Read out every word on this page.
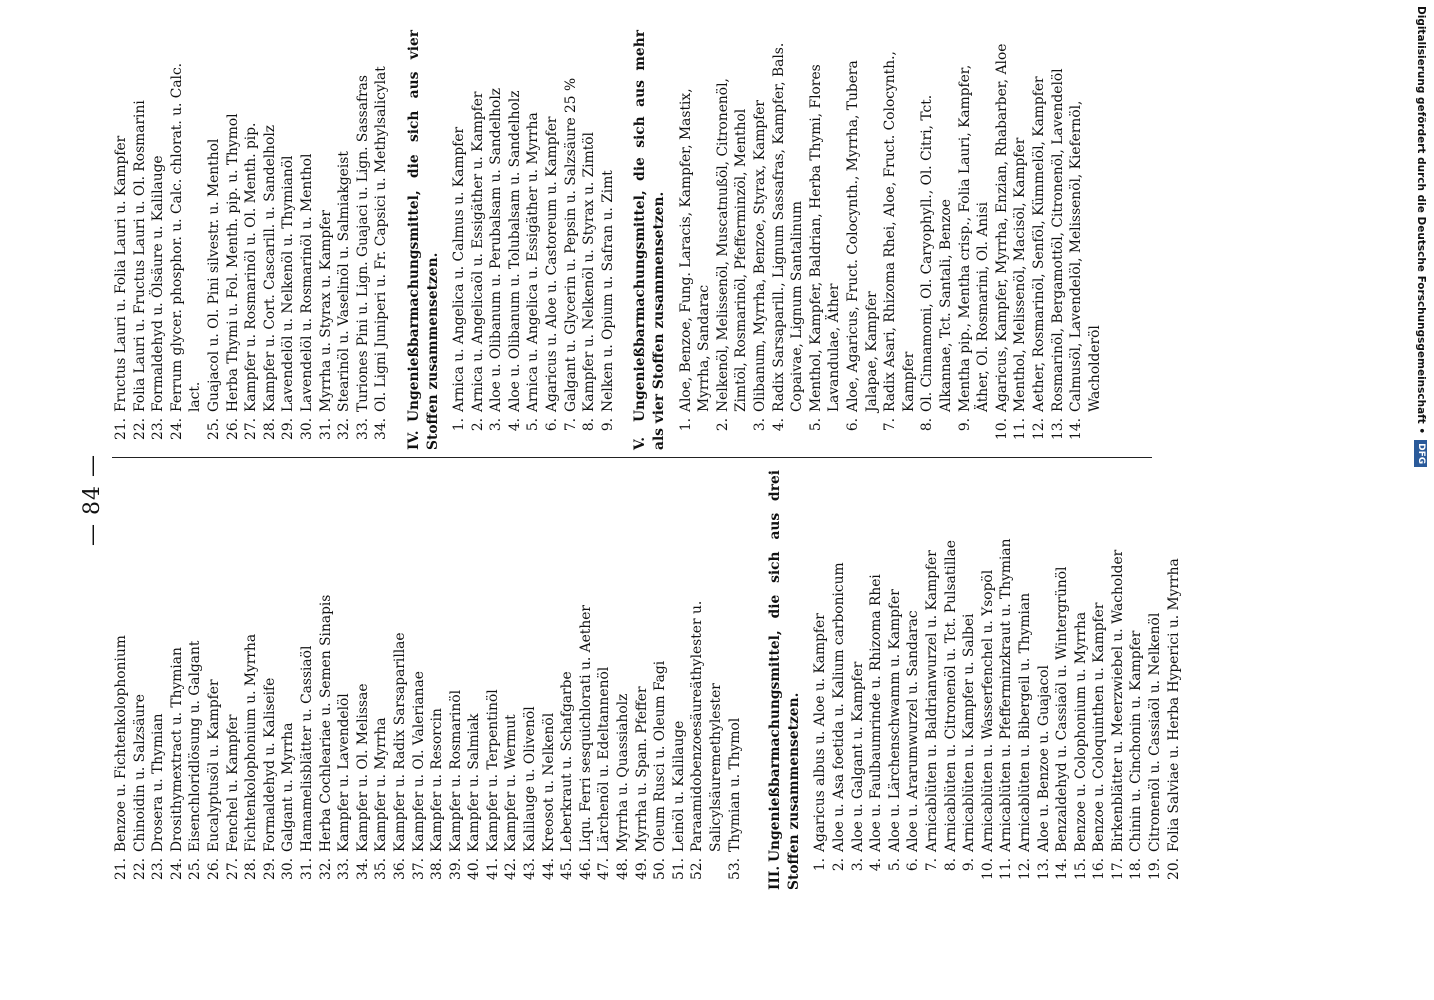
— 84 —
21.
Benzoe u. Fichtenkolophonium
22.
Chinoidin u. Salzsäure
23.
Drosera u. Thymian
24.
Drosithymextract u. Thymian
25.
Eisenchloridlösung u. Galgant
26.
Eucalyptusöl u. Kampfer
27.
Fenchel u. Kampfer
28.
Fichtenkolophonium u. Myrrha
29.
Formaldehyd u. Kaliseife
30.
Galgant u. Myrrha
31.
Hamamelisblätter u. Cassiaöl
32.
Herba Cochleariae u. Semen Sinapis
33.
Kampfer u. Lavendelöl
34.
Kampfer u. Ol. Melissae
35.
Kampfer u. Myrrha
36.
Kampfer u. Radix Sarsaparillae
37.
Kampfer u. Ol. Valerianae
38.
Kampfer u. Resorcin
39.
Kampfer u. Rosmarinöl
40.
Kampfer u. Salmiak
41.
Kampfer u. Terpentinöl
42.
Kampfer u. Wermut
43.
Kalilauge u. Olivenöl
44.
Kreosot u. Nelkenöl
45.
Leberkraut u. Schafgarbe
46.
Liqu. Ferri sesquichlorati u. Aether
47.
Lärchenöl u. Edeltannenöl
48.
Myrrha u. Quassiaholz
49.
Myrrha u. Span. Pfeffer
50.
Oleum Rusci u. Oleum Fagi
51.
Leinöl u. Kalilauge
52.
Paraamidobenzoesäureäthylester u. Salicylsäuremethylester
53.
Thymian u. Thymol
III.Ungenießbarmachungsmittel, die sich aus drei Stoffen zusammensetzen. 1.
Agaricus albus u. Aloe u. Kampfer
2.
Aloe u. Asa foetida u. Kalium carbonicum
3.
Aloe u. Galgant u. Kampfer
4.
Aloe u. Faulbaumrinde u. Rhizoma Rhei
5.
Aloe u. Lärchenschwamm u. Kampfer
6.
Aloe u. Ararumwurzel u. Sandarac
7.
Arnicablüten u. Baldrianwurzel u. Kampfer
8.
Arnicablüten u. Citronenöl u. Tct. Pulsatillae
9.
Arnicablüten u. Kampfer u. Salbei
10.
Arnicablüten u. Wasserfenchel u. Ysopöl
11.
Arnicablüten u. Pfefferminzkraut u. Thymian
12.
Arnicablüten u. Bibergeil u. Thymian
13.
Aloe u. Benzoe u. Guajacol
14.
Benzaldehyd u. Cassiaöl u. Wintergrünöl
15.
Benzoe u. Colophonium u. Myrrha
16.
Benzoe u. Coloquinthen u. Kampfer
17.
Birkenblätter u. Meerzwiebel u. Wacholder
18.
Chinin u. Cinchonin u. Kampfer
19.
Citronenöl u. Cassiaöl u. Nelkenöl
20.
Folia Salviae u. Herba Hyperici u. Myrrha
21.
Fructus Lauri u. Folia Lauri u. Kampfer
22.
Folia Lauri u. Fructus Lauri u. Ol. Rosmarini
23.
Formaldehyd u. Ölsäure u. Kalilauge
24.
Ferrum glycer. phosphor. u. Calc. chlorat. u. Calc. lact.
25.
Guajacol u. Ol. Pini silvestr. u. Menthol
26.
Herba Thymi u. Fol. Menth. pip. u. Thymol
27.
Kampfer u. Rosmarinöl u. Ol. Menth. pip.
28.
Kampfer u. Cort. Cascarill. u. Sandelholz
29.
Lavendelöl u. Nelkenöl u. Thymianöl
30.
Lavendelöl u. Rosmarinöl u. Menthol
31.
Myrrha u. Styrax u. Kampfer
32.
Stearinöl u. Vaselinöl u. Salmiakgeist
33.
Turiones Pini u. Lign. Guajaci u. Lign. Sassafras
34.
Ol. Ligni Juniperi u. Fr. Capsici u. Methylsalicylat
IV.Ungenießbarmachungsmittel, die sich aus vier Stoffen zusammensetzen. 1.
Arnica u. Angelica u. Calmus u. Kampfer
2.
Arnica u. Angelicaöl u. Essigäther u. Kampfer
3.
Aloe u. Olibanum u. Perubalsam u. Sandelholz
4.
Aloe u. Olibanum u. Tolubalsam u. Sandelholz
5.
Arnica u. Angelica u. Essigäther u. Myrrha
6.
Agaricus u. Aloe u. Castoreum u. Kampfer
7.
Galgant u. Glycerin u. Pepsin u. Salzsäure 25 %
8.
Kampfer u. Nelkenöl u. Styrax u. Zimtöl
9.
Nelken u. Opium u. Safran u. Zimt
V.Ungenießbarmachungsmittel, die sich aus mehr als vier Stoffen zusammensetzen. 1.
Aloe, Benzoe, Fung. Laracis, Kampfer, Mastix, Myrrha, Sandarac
2.
Nelkenöl, Melissenöl, Muscatnußöl, Citronenöl, Zimtöl, Rosmarinöl, Pfefferminzöl, Menthol
3.
Olibanum, Myrrha, Benzoe, Styrax, Kampfer
4.
Radix Sarsaparill., Lignum Sassafras, Kampfer, Bals. Copaivae, Lignum Santalinum
5.
Menthol, Kampfer, Baldrian, Herba Thymi, Flores Lavandulae, Äther
6.
Aloe, Agaricus, Fruct. Colocynth., Myrrha, Tubera Jalapae, Kampfer
7.
Radix Asari, Rhizoma Rhei, Aloe, Fruct. Colocynth., Kampfer
8.
Ol. Cinnamomi, Ol. Caryophyll., Ol. Citri, Tct. Alkannae, Tct. Santali, Benzoe
9.
Mentha pip., Mentha crisp., Folia Lauri, Kampfer, Äther, Ol. Rosmarini, Ol. Anisi
10.
Agaricus, Kampfer, Myrrha, Enzian, Rhabarber, Aloe
11.
Menthol, Melissenöl, Macisöl, Kampfer
12.
Aether, Rosmarinöl, Senföl, Kümmelöl, Kampfer
13.
Rosmarinöl, Bergamottöl, Citronenöl, Lavendelöl
14.
Calmusöl, Lavendelöl, Melissenöl, Kiefernöl, Wacholderöl	Digitalisierung gefördert durch die Deutsche Forschungsgemeinschaft •
DFG
